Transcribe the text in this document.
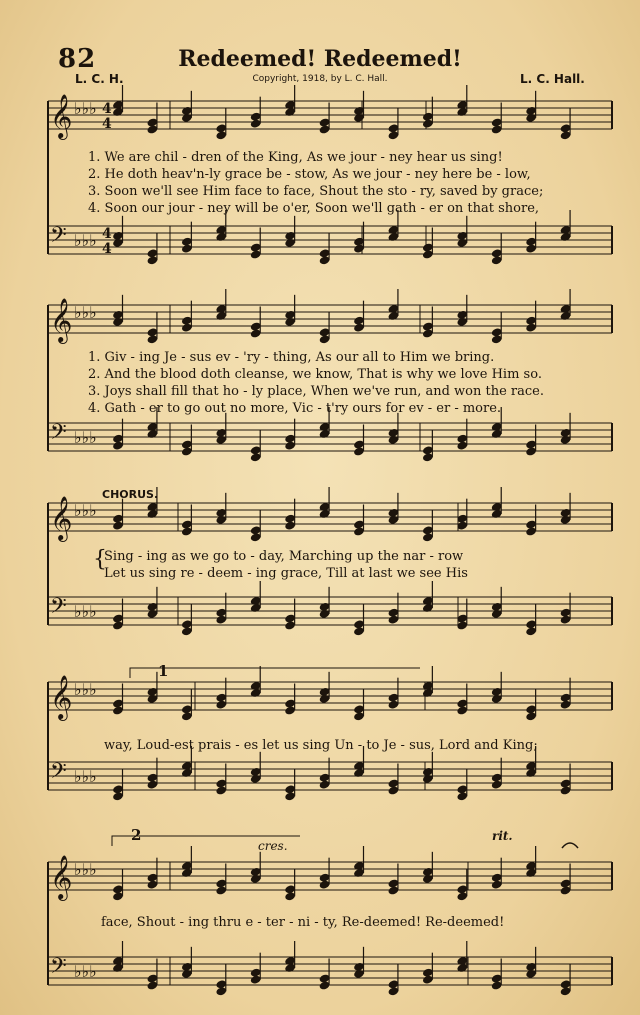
82	Redeemed! Redeemed!
L. C. H.	Copyright, 1918, by L. C. Hall.	L. C. Hall.
𝄞 ♭♭♭
𝄢 ♭♭♭
4
4
4
4
𝄞 ♭♭♭
𝄢 ♭♭♭
𝄞 ♭♭♭
𝄢 ♭♭♭
𝄞 ♭♭♭
𝄢 ♭♭♭
𝄞 ♭♭♭
𝄢 ♭♭♭
1. We are chil - dren of the King, As we jour - ney hear us sing!
2. He doth heav'n-ly grace be - stow, As we jour - ney here be - low,
3. Soon we'll see Him face to face, Shout the sto - ry, saved by grace;
4. Soon our jour - ney will be o'er, Soon we'll gath - er on that shore,
1. Giv - ing Je - sus ev - 'ry - thing, As our all to Him we bring.
2. And the blood doth cleanse, we know, That is why we love Him so.
3. Joys shall fill that ho - ly place, When we've run, and won the race.
4. Gath - er to go out no more, Vic - t'ry ours for ev - er - more.
CHORUS.
{
Sing - ing as we go to - day, Marching up the nar - row
Let us sing re - deem - ing grace, Till at last we see His
way, Loud-est prais - es let us sing Un - to Je - sus, Lord and King;
face, Shout - ing thru e - ter - ni - ty, Re-deemed! Re-deemed!
1
2
cres.
rit.
